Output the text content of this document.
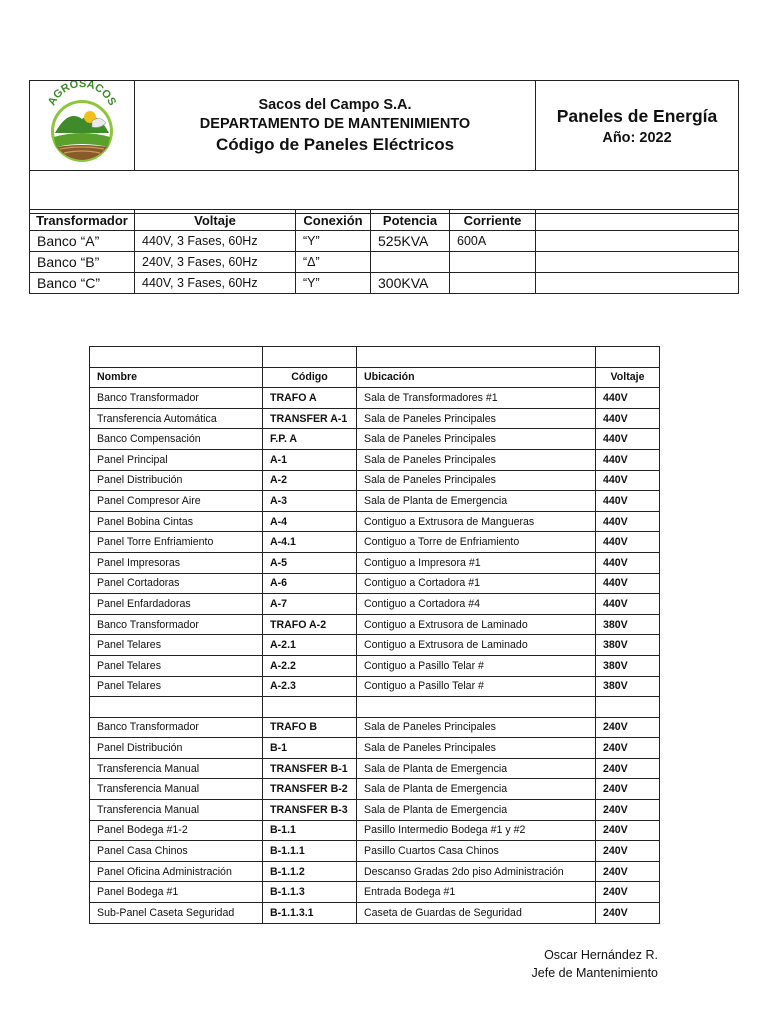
AGROSACOS	Sacos del Campo S.A.
DEPARTAMENTO DE MANTENIMIENTO
Código de Paneles Eléctricos

Paneles de Energía
Año: 2022

Transformador	Voltaje	Conexión	Potencia	Corriente	
Banco “A”	440V, 3 Fases, 60Hz	“Y”	525KVA	600A	
Banco “B”	240V, 3 Fases, 60Hz	“Δ”			
Banco “C”	440V, 3 Fases, 60Hz	“Y”	300KVA		

Nombre	Código	Ubicación	Voltaje
Banco Transformador	TRAFO A	Sala de Transformadores #1	440V
Transferencia Automática	TRANSFER A-1	Sala de Paneles Principales	440V
Banco Compensación	F.P. A	Sala de Paneles Principales	440V
Panel Principal	A-1	Sala de Paneles Principales	440V
Panel Distribución	A-2	Sala de Paneles Principales	440V
Panel Compresor Aire	A-3	Sala de Planta de Emergencia	440V
Panel Bobina Cintas	A-4	Contiguo a Extrusora de Mangueras	440V
Panel Torre Enfriamiento	A-4.1	Contiguo a Torre de Enfriamiento	440V
Panel Impresoras	A-5	Contiguo a Impresora #1	440V
Panel Cortadoras	A-6	Contiguo a Cortadora #1	440V
Panel Enfardadoras	A-7	Contiguo a Cortadora #4	440V
Banco Transformador	TRAFO A-2	Contiguo a Extrusora de Laminado	380V
Panel Telares	A-2.1	Contiguo a Extrusora de Laminado	380V
Panel Telares	A-2.2	Contiguo a Pasillo Telar #	380V
Panel Telares	A-2.3	Contiguo a Pasillo Telar #	380V

Banco Transformador	TRAFO B	Sala de Paneles Principales	240V
Panel Distribución	B-1	Sala de Paneles Principales	240V
Transferencia Manual	TRANSFER B-1	Sala de Planta de Emergencia	240V
Transferencia Manual	TRANSFER B-2	Sala de Planta de Emergencia	240V
Transferencia Manual	TRANSFER B-3	Sala de Planta de Emergencia	240V
Panel Bodega #1-2	B-1.1	Pasillo Intermedio Bodega #1 y #2	240V
Panel Casa Chinos	B-1.1.1	Pasillo Cuartos Casa Chinos	240V
Panel Oficina Administración	B-1.1.2	Descanso Gradas 2do piso Administración	240V
Panel Bodega #1	B-1.1.3	Entrada Bodega #1	240V
Sub-Panel Caseta Seguridad	B-1.1.3.1	Caseta de Guardas de Seguridad	240V
Oscar Hernández R.
Jefe de Mantenimiento
